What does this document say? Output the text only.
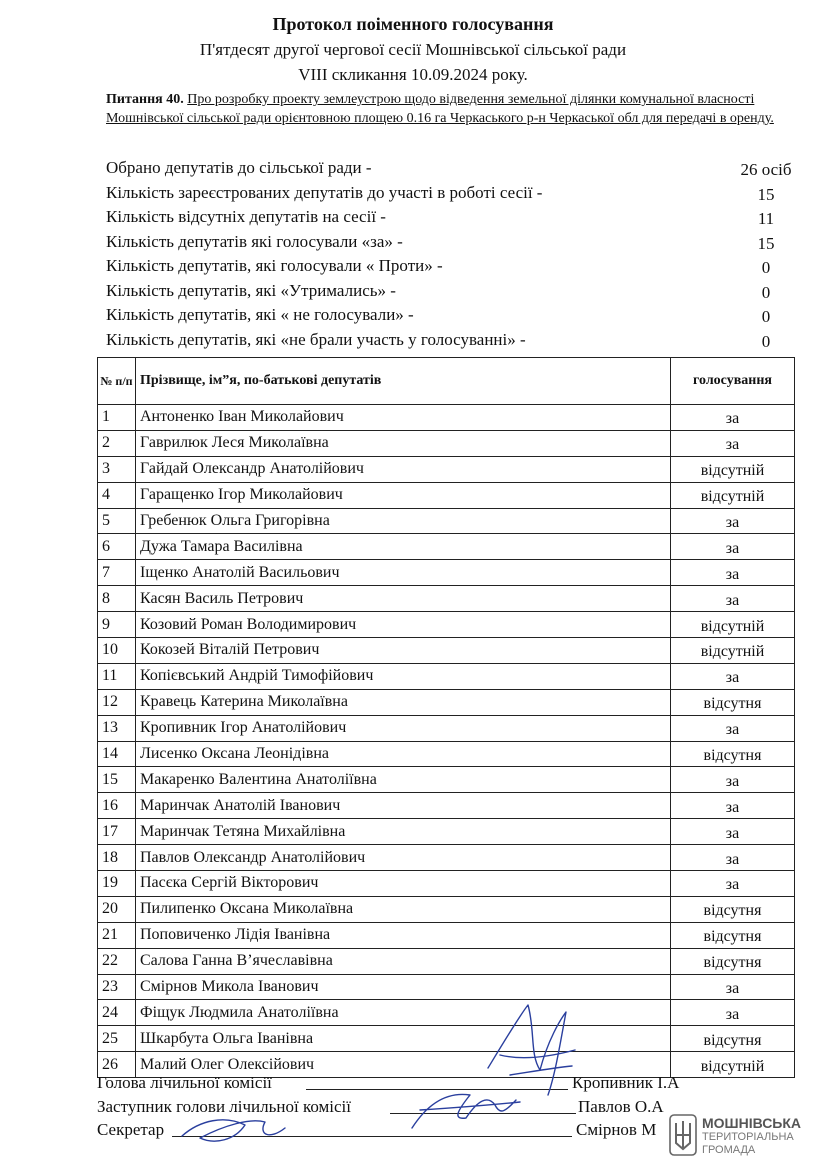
Протокол поіменного голосування
П'ятдесят другої чергової сесії Мошнівської сільської ради
VIII скликання 10.09.2024 року.
Питання 40. Про розробку проекту землеустрою щодо відведення земельної ділянки комунальної власності Мошнівської сільської ради орієнтовною площею 0.16 га Черкаського р-н Черкаської обл для передачі в оренду.
Обрано депутатів до сільської ради -	26 осіб
Кількість зареєстрованих депутатів до участі в роботі сесії -	15
Кількість відсутніх депутатів на сесії -	11
Кількість депутатів які голосували «за» -	15
Кількість депутатів, які голосували « Проти» -	0
Кількість депутатів, які «Утримались» -	0
Кількість депутатів, які « не голосували» -	0
Кількість депутатів, які «не брали участь у голосуванні» -	0
№ п/п	Прізвище, ім”я, по-батькові депутатів	голосування
1	Антоненко Іван Миколайович	за
2	Гаврилюк Леся Миколаївна	за
3	Гайдай Олександр Анатолійович	відсутній
4	Гаращенко Ігор Миколайович	відсутній
5	Гребенюк Ольга Григорівна	за
6	Дужа Тамара Василівна	за
7	Іщенко Анатолій Васильович	за
8	Касян Василь Петрович	за
9	Козовий Роман Володимирович	відсутній
10	Кокозей Віталій Петрович	відсутній
11	Копієвський Андрій Тимофійович	за
12	Кравець Катерина Миколаївна	відсутня
13	Кропивник Ігор Анатолійович	за
14	Лисенко Оксана Леонідівна	відсутня
15	Макаренко Валентина Анатоліївна	за
16	Маринчак Анатолій Іванович	за
17	Маринчак Тетяна Михайлівна	за
18	Павлов Олександр Анатолійович	за
19	Пасєка Сергій Вікторович	за
20	Пилипенко Оксана Миколаївна	відсутня
21	Поповиченко Лідія Іванівна	відсутня
22	Салова Ганна В’ячеславівна	відсутня
23	Смірнов Микола Іванович	за
24	Фіщук Людмила Анатоліївна	за
25	Шкарбута Ольга Іванівна	відсутня
26	Малий Олег Олексійович	відсутній
Голова лічильної комісії	Кропивник І.А
Заступник голови лічильної комісії	Павлов О.А
Секретар	Смірнов М	МОШНІВСЬКА
ТЕРИТОРІАЛЬНА
ГРОМАДА
